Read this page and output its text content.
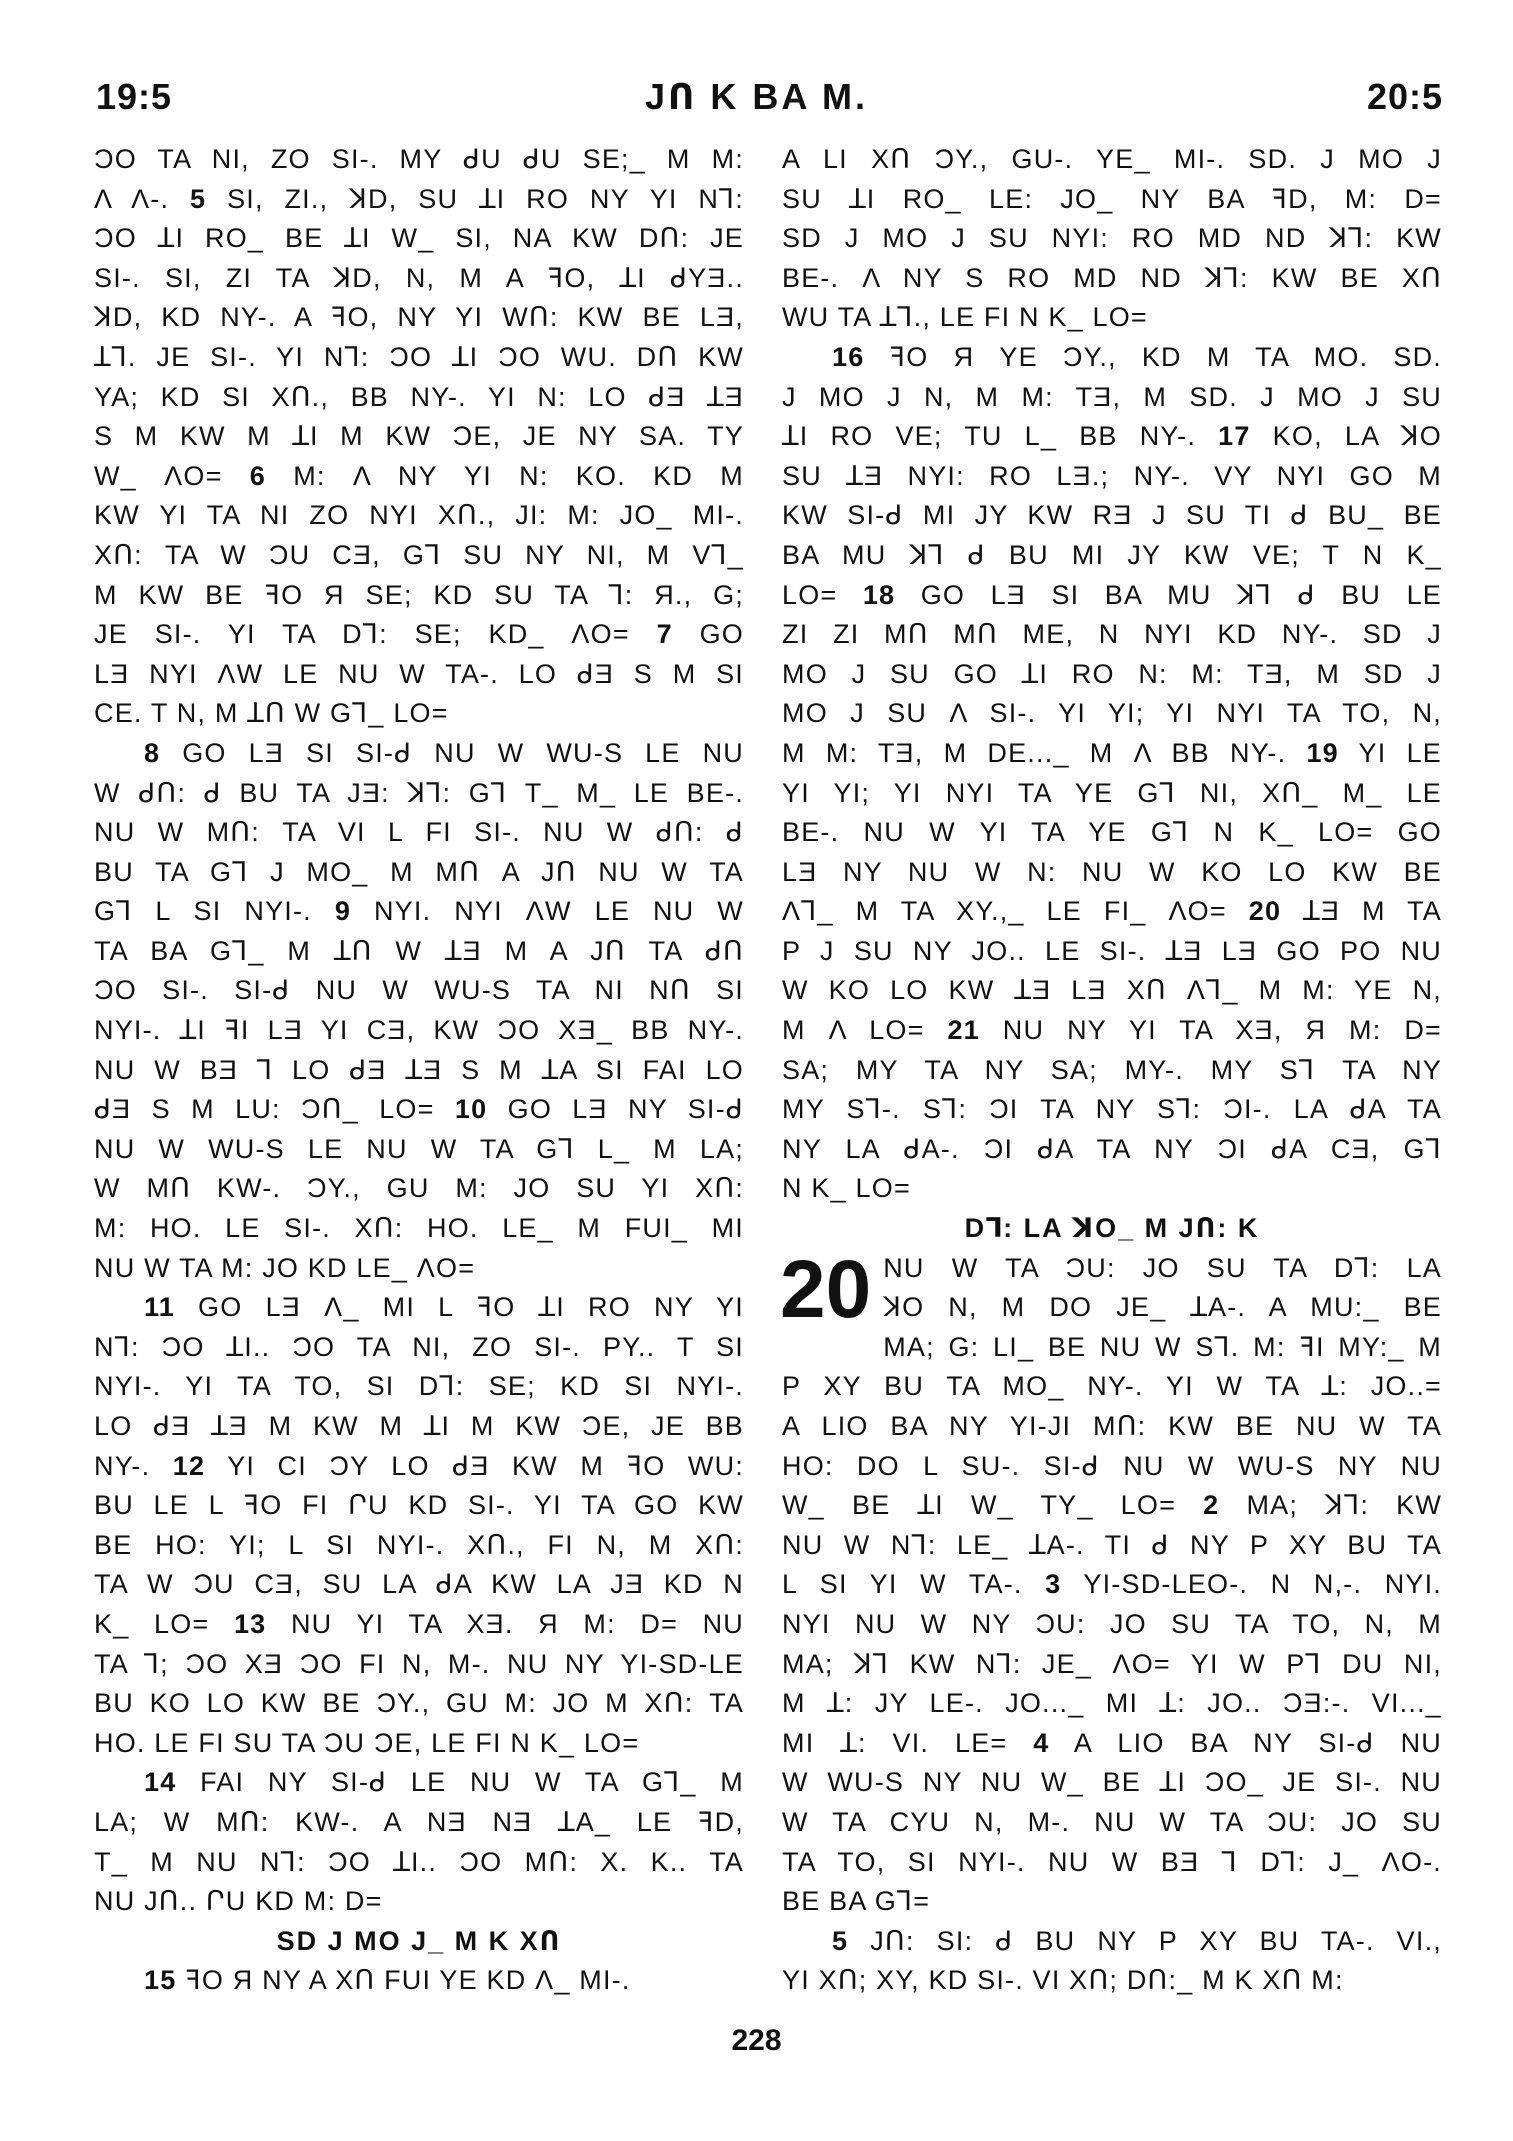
19:5	JՈ K BA M.	20:5

ƆO TA NI, ZO SI-. MY ᑯU ᑯU SE;_ M M:

Λ Λ-. 5 SI, ZI., ꓘD, SU ꓕI RO NY YI Nꓶ:

ƆO ꓕI RO_ BE ꓕI W_ SI, NA KW DՈ: JE

SI-. SI, ZI TA ꓘD, N, M A ꟻO, ꓕI ᑯYƎ..

ꓘD, KD NY-. A ꟻO, NY YI WՈ: KW BE LƎ,

ꓕꓶ. JE SI-. YI Nꓶ: ƆO ꓕI ƆO WU. DՈ KW

YA; KD SI XՈ., BB NY-. YI N: LO ᑯƎ ꓕƎ

S M KW M ꓕI M KW ƆE, JE NY SA. TY

W_ ΛO= 6 M: Λ NY YI N: KO. KD M

KW YI TA NI ZO NYI XՈ., JI: M: JO_ MI-.

XՈ: TA W ƆU CƎ, Gꓶ SU NY NI, M Vꓶ_

M KW BE ꟻO Я SE; KD SU TA ꓶ: Я., G;

JE SI-. YI TA Dꓶ: SE; KD_ ΛO= 7 GO

LƎ NYI ΛW LE NU W TA-. LO ᑯƎ S M SI

CE. T N, M ꓕՈ W Gꓶ_ LO=

8 GO LƎ SI SI-ᑯ NU W WU-S LE NU

W ᑯՈ: ᑯ BU TA JƎ: ꓘꓶ: Gꓶ T_ M_ LE BE-.

NU W MՈ: TA VI L FI SI-. NU W ᑯՈ: ᑯ

BU TA Gꓶ J MO_ M MՈ A JՈ NU W TA

Gꓶ L SI NYI-. 9 NYI. NYI ΛW LE NU W

TA BA Gꓶ_ M ꓕՈ W ꓕƎ M A JՈ TA ᑯՈ

ƆO SI-. SI-ᑯ NU W WU-S TA NI NՈ SI

NYI-. ꓕI ꟻI LƎ YI CƎ, KW ƆO XƎ_ BB NY-.

NU W BƎ ꓶ LO ᑯƎ ꓕƎ S M ꓕA SI FAI LO

ᑯƎ S M LU: ƆՈ_ LO= 10 GO LƎ NY SI-ᑯ

NU W WU-S LE NU W TA Gꓶ L_ M LA;

W MՈ KW-. ƆY., GU M: JO SU YI XՈ:

M: HO. LE SI-. XՈ: HO. LE_ M FUI_ MI

NU W TA M: JO KD LE_ ΛO=

11 GO LƎ Λ_ MI L ꟻO ꓕI RO NY YI

Nꓶ: ƆO ꓕI.. ƆO TA NI, ZO SI-. PY.. T SI

NYI-. YI TA TO, SI Dꓶ: SE; KD SI NYI-.

LO ᑯƎ ꓕƎ M KW M ꓕI M KW ƆE, JE BB

NY-. 12 YI CI ƆY LO ᑯƎ KW M ꟻO WU:

BU LE L ꟻO FI ՐU KD SI-. YI TA GO KW

BE HO: YI; L SI NYI-. XՈ., FI N, M XՈ:

TA W ƆU CƎ, SU LA ᑯA KW LA JƎ KD N

K_ LO= 13 NU YI TA XƎ. Я M: D= NU

TA ꓶ; ƆO XƎ ƆO FI N, M-. NU NY YI-SD-LE

BU KO LO KW BE ƆY., GU M: JO M XՈ: TA

HO. LE FI SU TA ƆU ƆE, LE FI N K_ LO=

14 FAI NY SI-ᑯ LE NU W TA Gꓶ_ M

LA; W MՈ: KW-. A NƎ NƎ ꓕA_ LE ꟻD,

T_ M NU Nꓶ: ƆO ꓕI.. ƆO MՈ: X. K.. TA

NU JՈ.. ՐU KD M: D=

SD J MO J_ M K XՈ

15 ꟻO Я NY A XՈ FUI YE KD Λ_ MI-.

A LI XՈ ƆY., GU-. YE_ MI-. SD. J MO J

SU ꓕI RO_ LE: JO_ NY BA ꟻD, M: D=

SD J MO J SU NYI: RO MD ND ꓘꓶ: KW

BE-. Λ NY S RO MD ND ꓘꓶ: KW BE XՈ

WU TA ꓕꓶ., LE FI N K_ LO=

16 ꟻO Я YE ƆY., KD M TA MO. SD.

J MO J N, M M: TƎ, M SD. J MO J SU

ꓕI RO VE; TU L_ BB NY-. 17 KO, LA ꓘO

SU ꓕƎ NYI: RO LƎ.; NY-. VY NYI GO M

KW SI-ᑯ MI JY KW RƎ J SU TI ᑯ BU_ BE

BA MU ꓘꓶ ᑯ BU MI JY KW VE; T N K_

LO= 18 GO LƎ SI BA MU ꓘꓶ ᑯ BU LE

ZI ZI MՈ MՈ ME, N NYI KD NY-. SD J

MO J SU GO ꓕI RO N: M: TƎ, M SD J

MO J SU Λ SI-. YI YI; YI NYI TA TO, N,

M M: TƎ, M DE..._ M Λ BB NY-. 19 YI LE

YI YI; YI NYI TA YE Gꓶ NI, XՈ_ M_ LE

BE-. NU W YI TA YE Gꓶ N K_ LO= GO

LƎ NY NU W N: NU W KO LO KW BE

Λꓶ_ M TA XY.,_ LE FI_ ΛO= 20 ꓕƎ M TA

P J SU NY JO.. LE SI-. ꓕƎ LƎ GO PO NU

W KO LO KW ꓕƎ LƎ XՈ Λꓶ_ M M: YE N,

M Λ LO= 21 NU NY YI TA XƎ, Я M: D=

SA; MY TA NY SA; MY-. MY Sꓶ TA NY

MY Sꓶ-. Sꓶ: ƆI TA NY Sꓶ: ƆI-. LA ᑯA TA

NY LA ᑯA-. ƆI ᑯA TA NY ƆI ᑯA CƎ, Gꓶ

N K_ LO=

Dꓶ: LA ꓘO_ M JՈ: K

20 NU W TA ƆU: JO SU TA Dꓶ: LA

ꓘO N, M DO JE_ ꓕA-. A MU:_ BE

MA; G: LI_ BE NU W Sꓶ. M: ꟻI MY:_ M

P XY BU TA MO_ NY-. YI W TA ꓕ: JO..=

A LIO BA NY YI-JI MՈ: KW BE NU W TA

HO: DO L SU-. SI-ᑯ NU W WU-S NY NU

W_ BE ꓕI W_ TY_ LO= 2 MA; ꓘꓶ: KW

NU W Nꓶ: LE_ ꓕA-. TI ᑯ NY P XY BU TA

L SI YI W TA-. 3 YI-SD-LEO-. N N,-. NYI.

NYI NU W NY ƆU: JO SU TA TO, N, M

MA; ꓘꓶ KW Nꓶ: JE_ ΛO= YI W Pꓶ DU NI,

M ꓕ: JY LE-. JO..._ MI ꓕ: JO.. ƆƎ:-. VI..._

MI ꓕ: VI. LE= 4 A LIO BA NY SI-ᑯ NU

W WU-S NY NU W_ BE ꓕI ƆO_ JE SI-. NU

W TA CYU N, M-. NU W TA ƆU: JO SU

TA TO, SI NYI-. NU W BƎ ꓶ Dꓶ: J_ ΛO-.

BE BA Gꓶ=

5 JՈ: SI: ᑯ BU NY P XY BU TA-. VI.,

YI XՈ; XY, KD SI-. VI XՈ; DՈ:_ M K XՈ M:

228
